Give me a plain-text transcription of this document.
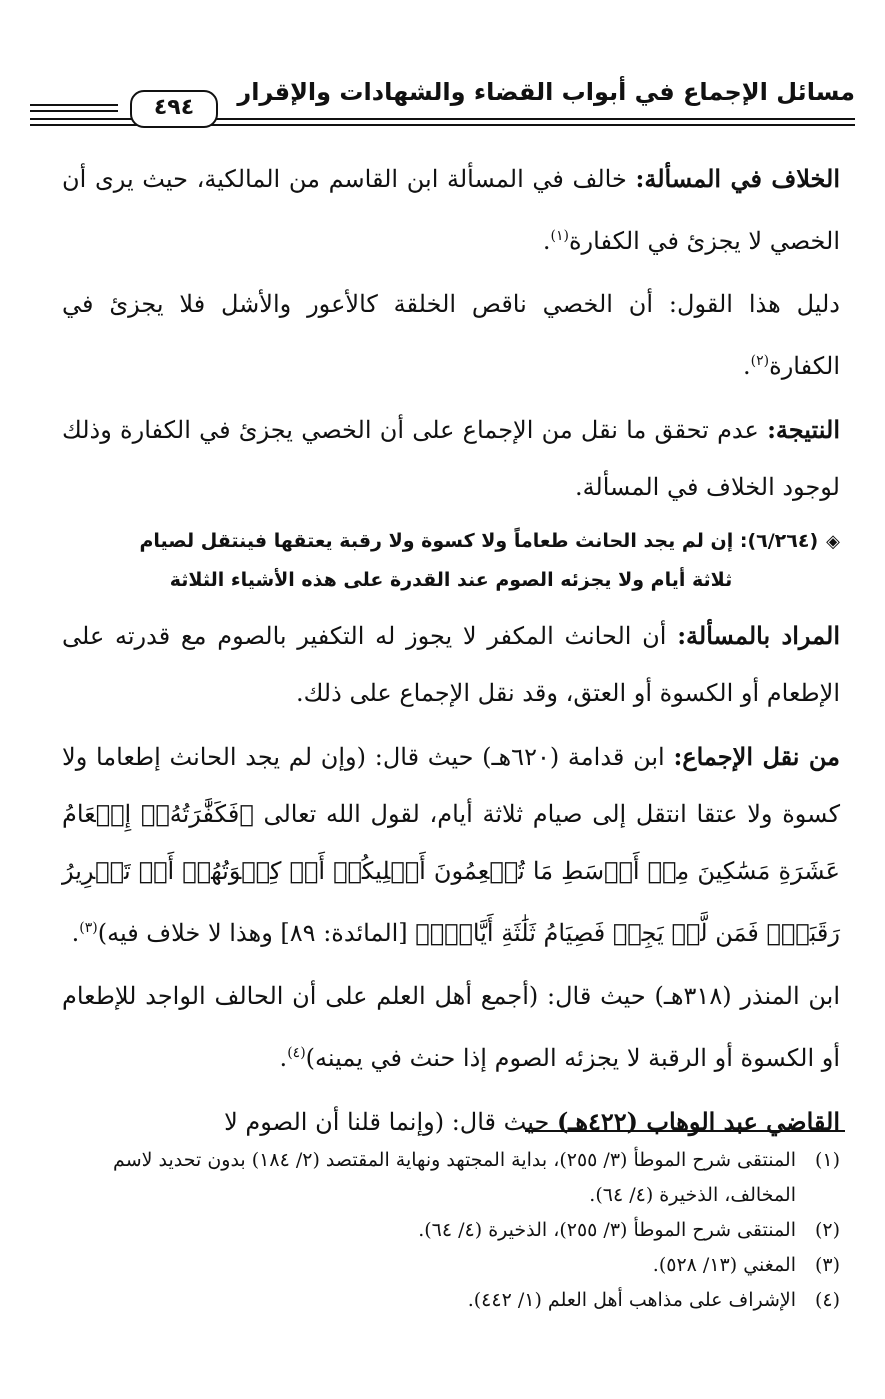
مسائل الإجماع في أبواب القضاء والشهادات والإقرار
٤٩٤

الخلاف في المسألة: خالف في المسألة ابن القاسم من المالكية، حيث يرى أن الخصي لا يجزئ في الكفارة$^{(١)}$.

دليل هذا القول: أن الخصي ناقص الخلقة كالأعور والأشل فلا يجزئ في الكفارة$^{(٢)}$.

النتيجة: عدم تحقق ما نقل من الإجماع على أن الخصي يجزئ في الكفارة وذلك لوجود الخلاف في المسألة.

◈(٦/٢٦٤): إن لم يجد الحانث طعاماً ولا كسوة ولا رقبة يعتقها فينتقل لصيام
ثلاثة أيام ولا يجزئه الصوم عند القدرة على هذه الأشياء الثلاثة

المراد بالمسألة: أن الحانث المكفر لا يجوز له التكفير بالصوم مع قدرته على الإطعام أو الكسوة أو العتق، وقد نقل الإجماع على ذلك.

من نقل الإجماع: ابن قدامة (٦٢٠هـ) حيث قال: (وإن لم يجد الحانث إطعاما ولا كسوة ولا عتقا انتقل إلى صيام ثلاثة أيام، لقول الله تعالى ﴿فَكَفَّٰرَتُهُۥٓ إِطۡعَامُ عَشَرَةِ مَسَٰكِينَ مِنۡ أَوۡسَطِ مَا تُطۡعِمُونَ أَهۡلِيكُمۡ أَوۡ كِسۡوَتُهُمۡ أَوۡ تَحۡرِيرُ رَقَبَةٖۖ فَمَن لَّمۡ يَجِدۡ فَصِيَامُ ثَلَٰثَةِ أَيَّامٖۚ﴾ [المائدة: ٨٩] وهذا لا خلاف فيه)$^{(٣)}$.

ابن المنذر (٣١٨هـ) حيث قال: (أجمع أهل العلم على أن الحالف الواجد للإطعام أو الكسوة أو الرقبة لا يجزئه الصوم إذا حنث في يمينه)$^{(٤)}$.

القاضي عبد الوهاب (٤٢٢هـ) حيث قال: (وإنما قلنا أن الصوم لا

(١)
المنتقى شرح الموطأ (٣/ ٢٥٥)، بداية المجتهد ونهاية المقتصد (٢/ ١٨٤) بدون تحديد لاسم المخالف، الذخيرة (٤/ ٦٤).
(٢)
المنتقى شرح الموطأ (٣/ ٢٥٥)، الذخيرة (٤/ ٦٤).
(٣)
المغني (١٣/ ٥٢٨).
(٤)
الإشراف على مذاهب أهل العلم (١/ ٤٤٢).
